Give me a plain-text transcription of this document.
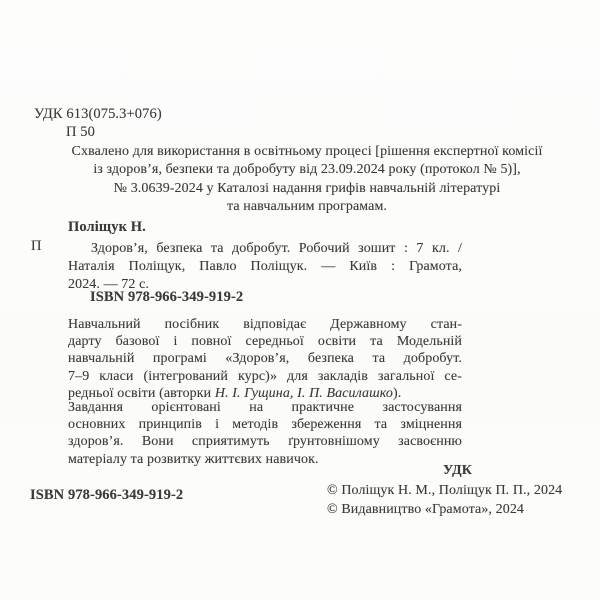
УДК 613(075.3+076)
П 50
Схвалено для використання в освітньому процесі [рішення експертної комісії
із здоров’я, безпеки та добробуту від 23.09.2024 року (протокол № 5)],
№ 3.0639-2024 у Каталозі надання грифів навчальній літературі
та навчальним програмам.
Поліщук Н.
П	Здоров’я, безпека та добробут. Робочий зошит : 7 кл. /
Наталія Поліщук, Павло Поліщук. — Київ : Грамота,
2024. — 72 с.
ISBN 978-966-349-919-2
Навчальний посібник відповідає Державному стан-
дарту базової і повної середньої освіти та Модельній
навчальній програмі «Здоров’я, безпека та добробут.
7–9 класи (інтегрований курс)» для закладів загальної се-
редньої освіти (авторки Н. І. Гущина, І. П. Василашко).
Завдання орієнтовані на практичне застосування
основних принципів і методів збереження та зміцнення
здоров’я. Вони сприятимуть ґрунтовнішому засвоєнню
матеріалу та розвитку життєвих навичок.
УДК
ISBN 978-966-349-919-2	© Поліщук Н. М., Поліщук П. П., 2024
© Видавництво «Грамота», 2024
